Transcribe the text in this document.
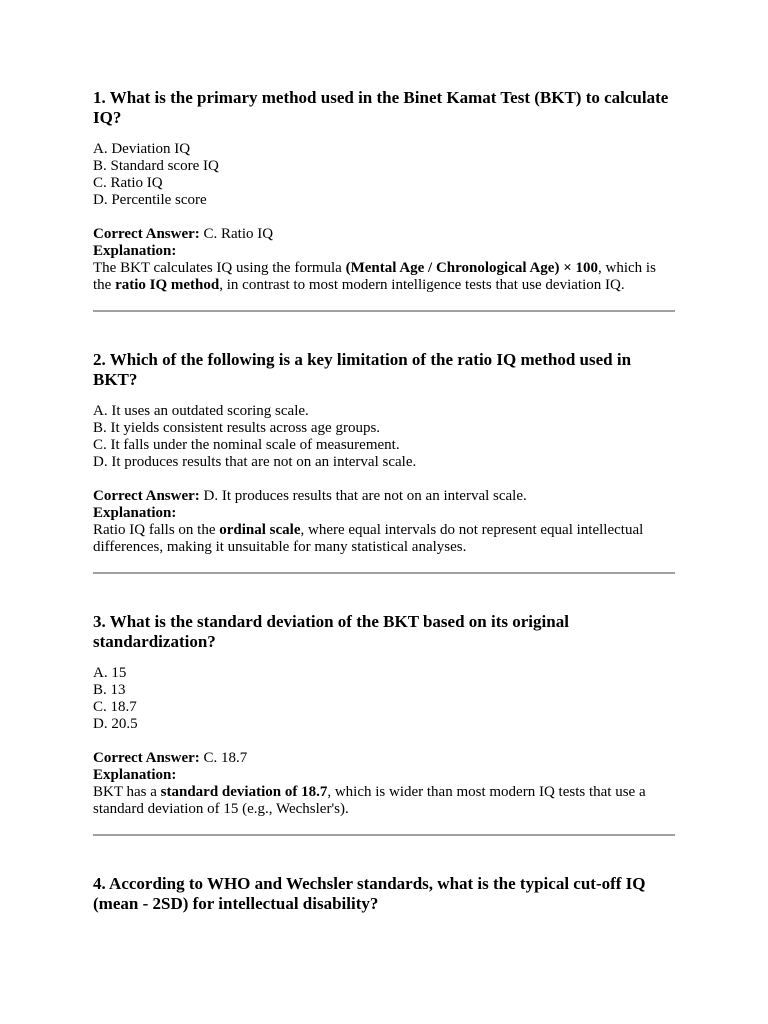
1. What is the primary method used in the Binet Kamat Test (BKT) to calculate IQ?

A. Deviation IQ
B. Standard score IQ
C. Ratio IQ
D. Percentile score
Correct Answer: C. Ratio IQ
Explanation:

The BKT calculates IQ using the formula (Mental Age / Chronological Age) × 100, which is the ratio IQ method, in contrast to most modern intelligence tests that use deviation IQ.

2. Which of the following is a key limitation of the ratio IQ method used in BKT?

A. It uses an outdated scoring scale.
B. It yields consistent results across age groups.
C. It falls under the nominal scale of measurement.
D. It produces results that are not on an interval scale.
Correct Answer: D. It produces results that are not on an interval scale.
Explanation:

Ratio IQ falls on the ordinal scale, where equal intervals do not represent equal intellectual differences, making it unsuitable for many statistical analyses.

3. What is the standard deviation of the BKT based on its original standardization?

A. 15
B. 13
C. 18.7
D. 20.5
Correct Answer: C. 18.7
Explanation:

BKT has a standard deviation of 18.7, which is wider than most modern IQ tests that use a standard deviation of 15 (e.g., Wechsler's).

4. According to WHO and Wechsler standards, what is the typical cut-off IQ (mean - 2SD) for intellectual disability?
